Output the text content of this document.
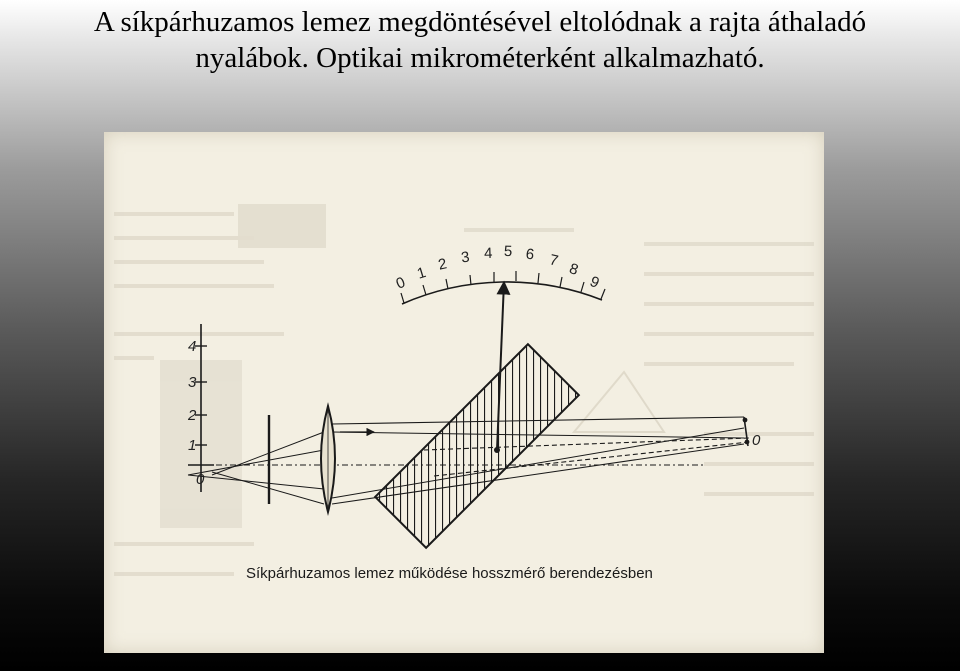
A síkpárhuzamos lemez megdöntésével eltolódnak a rajta áthaladó
nyalábok. Optikai mikrométerként alkalmazható.
4
3
2
1
0
0
1 2 3 4 5 6 7 8
9
0
Síkpárhuzamos lemez működése hosszmérő berendezésben
